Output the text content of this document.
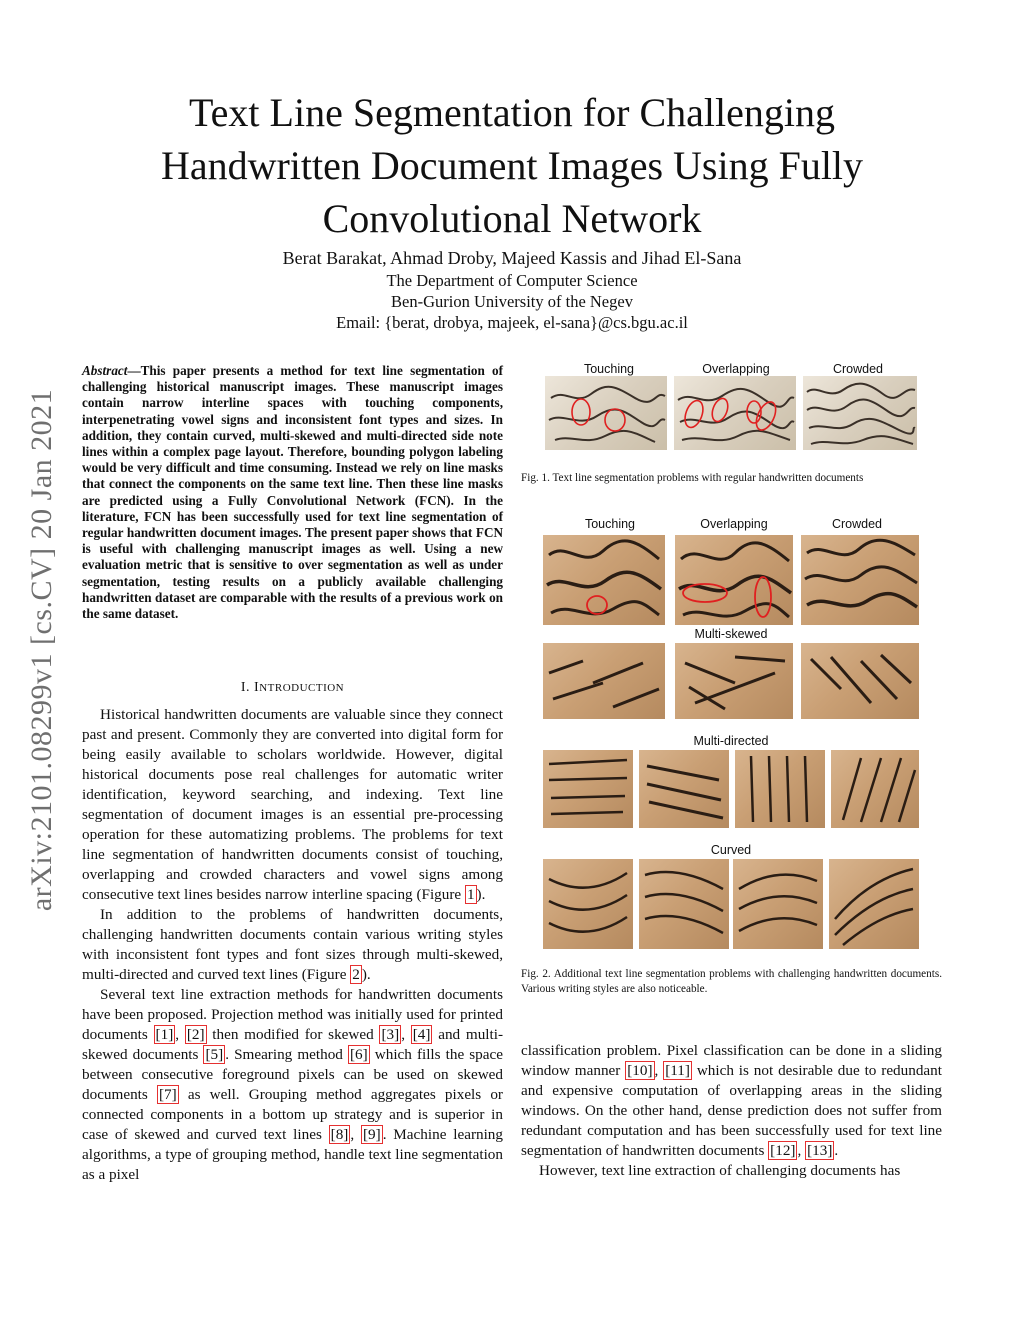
arXiv:2101.08299v1 [cs.CV] 20 Jan 2021
Text Line Segmentation for Challenging Handwritten Document Images Using Fully Convolutional Network
Berat Barakat, Ahmad Droby, Majeed Kassis and Jihad El-Sana
The Department of Computer Science
Ben-Gurion University of the Negev
Email: {berat, drobya, majeek, el-sana}@cs.bgu.ac.il
Abstract—This paper presents a method for text line segmentation of challenging historical manuscript images. These manuscript images contain narrow interline spaces with touching components, interpenetrating vowel signs and inconsistent font types and sizes. In addition, they contain curved, multi-skewed and multi-directed side note lines within a complex page layout. Therefore, bounding polygon labeling would be very difficult and time consuming. Instead we rely on line masks that connect the components on the same text line. Then these line masks are predicted using a Fully Convolutional Network (FCN). In the literature, FCN has been successfully used for text line segmentation of regular handwritten document images. The present paper shows that FCN is useful with challenging manuscript images as well. Using a new evaluation metric that is sensitive to over segmentation as well as under segmentation, testing results on a publicly available challenging handwritten dataset are comparable with the results of a previous work on the same dataset.
I. INTRODUCTION

Historical handwritten documents are valuable since they connect past and present. Commonly they are converted into digital form for being easily available to scholars worldwide. However, digital historical documents pose real challenges for automatic writer identification, keyword searching, and indexing. Text line segmentation of document images is an essential pre-processing operation for these automatizing problems. The problems for text line segmentation of handwritten documents consist of touching, overlapping and crowded characters and vowel signs among consecutive text lines besides narrow interline spacing (Figure 1 ).

In addition to the problems of handwritten documents, challenging handwritten documents contain various writing styles with inconsistent font types and font sizes through multi-skewed, multi-directed and curved text lines (Figure 2 ).

Several text line extraction methods for handwritten documents have been proposed. Projection method was initially used for printed documents [1] , [2] then modified for skewed [3] , [4] and multi-skewed documents [5] . Smearing method [6] which fills the space between consecutive foreground pixels can be used on skewed documents [7] as well. Grouping method aggregates pixels or connected components in a bottom up strategy and is superior in case of skewed and curved text lines [8] , [9] . Machine learning algorithms, a type of grouping method, handle text line segmentation as a pixel

Touching	Overlapping	Crowded
Fig. 1. Text line segmentation problems with regular handwritten documents
Touching	Overlapping	Crowded
Multi-skewed
Multi-directed
Curved
Fig. 2. Additional text line segmentation problems with challenging handwritten documents. Various writing styles are also noticeable.

classification problem. Pixel classification can be done in a sliding window manner [10] , [11] which is not desirable due to redundant and expensive computation of overlapping areas in the sliding windows. On the other hand, dense prediction does not suffer from redundant computation and has been successfully used for text line segmentation of handwritten documents [12] , [13] .

However, text line extraction of challenging documents has
